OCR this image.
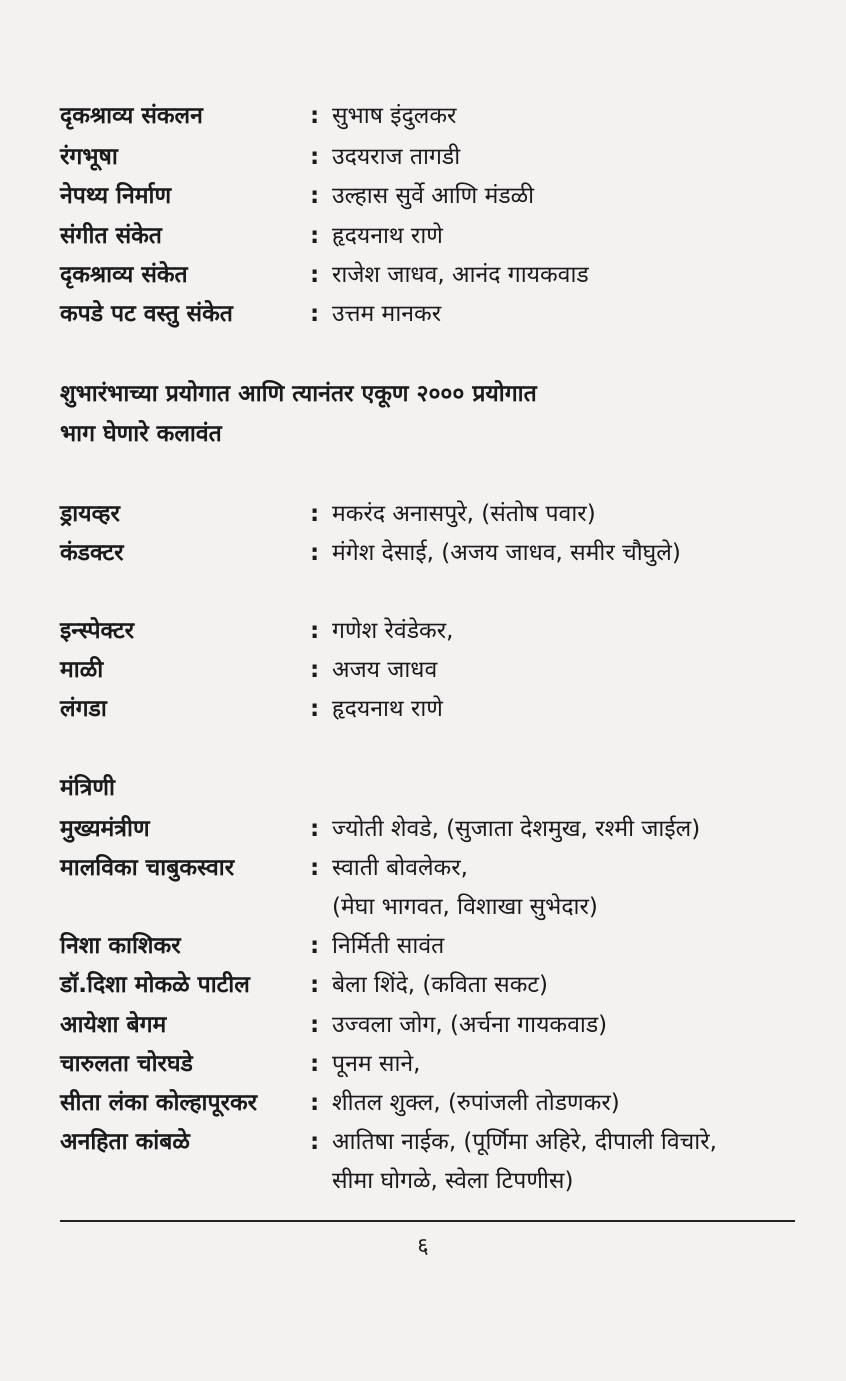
दृकश्राव्य संकलन	: सुभाष इंदुलकर
रंगभूषा	: उदयराज तागडी
नेपथ्य निर्माण	: उल्हास सुर्वे आणि मंडळी
संगीत संकेत	: हृदयनाथ राणे
दृकश्राव्य संकेत	: राजेश जाधव, आनंद गायकवाड
कपडे पट वस्तु संकेत	: उत्तम मानकर
शुभारंभाच्या प्रयोगात आणि त्यानंतर एकूण २००० प्रयोगात
भाग घेणारे कलावंत
ड्रायव्हर	: मकरंद अनासपुरे, (संतोष पवार)
कंडक्टर	: मंगेश देसाई, (अजय जाधव, समीर चौघुले)
इन्स्पेक्टर	: गणेश रेवंडेकर,
माळी	: अजय जाधव
लंगडा	: हृदयनाथ राणे
मंत्रिणी
मुख्यमंत्रीण	: ज्योती शेवडे, (सुजाता देशमुख, रश्मी जाईल)
मालविका चाबुकस्वार	: स्वाती बोवलेकर,
(मेघा भागवत, विशाखा सुभेदार)
निशा काशिकर	: निर्मिती सावंत
डॉ.दिशा मोकळे पाटील	: बेला शिंदे, (कविता सकट)
आयेशा बेगम	: उज्वला जोग, (अर्चना गायकवाड)
चारुलता चोरघडे	: पूनम साने,
सीता लंका कोल्हापूरकर : शीतल शुक्ल, (रुपांजली तोडणकर)
अनहिता कांबळे	: आतिषा नाईक, (पूर्णिमा अहिरे, दीपाली विचारे,
सीमा घोगळे, स्वेला टिपणीस)
६
